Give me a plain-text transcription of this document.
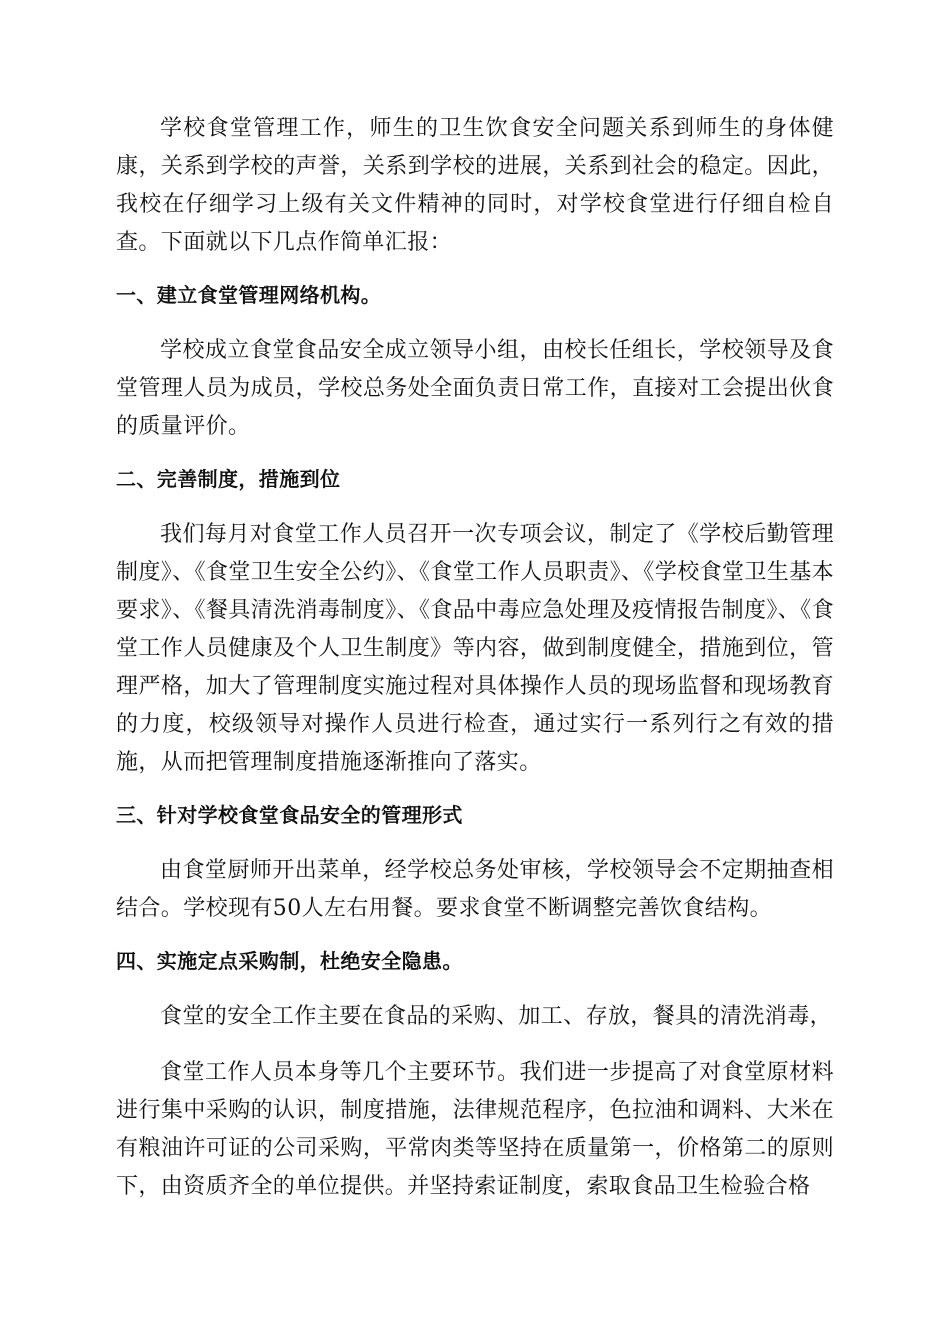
学校食堂管理工作，师生的卫生饮食安全问题关系到师生的身体健康，关系到学校的声誉，关系到学校的进展，关系到社会的稳定。因此，我校在仔细学习上级有关文件精神的同时，对学校食堂进行仔细自检自查。下面就以下几点作简单汇报：

一、建立食堂管理网络机构。

学校成立食堂食品安全成立领导小组，由校长任组长，学校领导及食堂管理人员为成员，学校总务处全面负责日常工作，直接对工会提出伙食的质量评价。

二、完善制度，措施到位

我们每月对食堂工作人员召开一次专项会议，制定了《学校后勤管理制度》、《食堂卫生安全公约》、《食堂工作人员职责》、《学校食堂卫生基本要求》、《餐具清洗消毒制度》、《食品中毒应急处理及疫情报告制度》、《食堂工作人员健康及个人卫生制度》等内容，做到制度健全，措施到位，管理严格，加大了管理制度实施过程对具体操作人员的现场监督和现场教育的力度，校级领导对操作人员进行检查，通过实行一系列行之有效的措施，从而把管理制度措施逐渐推向了落实。

三、针对学校食堂食品安全的管理形式

由食堂厨师开出菜单，经学校总务处审核，学校领导会不定期抽查相结合。学校现有50人左右用餐。要求食堂不断调整完善饮食结构。

四、实施定点采购制，杜绝安全隐患。

食堂的安全工作主要在食品的采购、加工、存放，餐具的清洗消毒，

食堂工作人员本身等几个主要环节。我们进一步提高了对食堂原材料进行集中采购的认识，制度措施，法律规范程序，色拉油和调料、大米在有粮油许可证的公司采购，平常肉类等坚持在质量第一，价格第二的原则下，由资质齐全的单位提供。并坚持索证制度，索取食品卫生检验合格
